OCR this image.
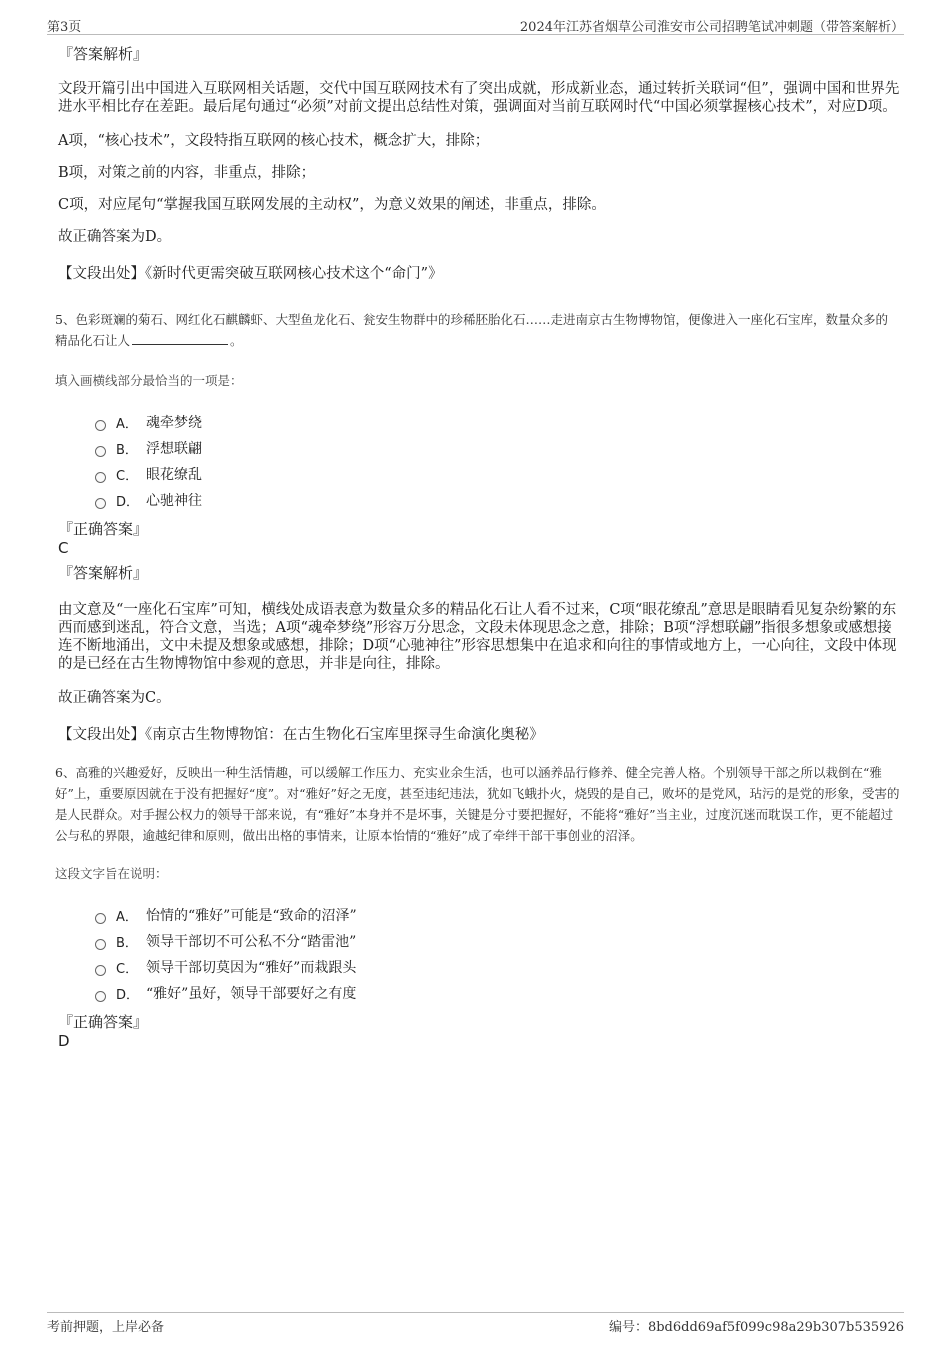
第3页	2024年江苏省烟草公司淮安市公司招聘笔试冲刺题（带答案解析）
『答案解析』

文段开篇引出中国进入互联网相关话题，交代中国互联网技术有了突出成就，形成新业态，通过转折关联词“但”，强调中国和世界先进水平相比存在差距。最后尾句通过“必须”对前文提出总结性对策，强调面对当前互联网时代“中国必须掌握核心技术”，对应D项。

A项，“核心技术”，文段特指互联网的核心技术，概念扩大，排除；

B项，对策之前的内容，非重点，排除；

C项，对应尾句“掌握我国互联网发展的主动权”，为意义效果的阐述，非重点，排除。

故正确答案为D。

【文段出处】《新时代更需突破互联网核心技术这个“命门”》
5、色彩斑斓的菊石、网红化石麒麟虾、大型鱼龙化石、瓮安生物群中的珍稀胚胎化石……走进南京古生物博物馆，便像进入一座化石宝库，数量众多的精品化石让人	。
填入画横线部分最恰当的一项是：
A． 魂牵梦绕
B． 浮想联翩
C． 眼花缭乱
D． 心驰神往
『正确答案』
C
『答案解析』

由文意及“一座化石宝库”可知，横线处成语表意为数量众多的精品化石让人看不过来，C项“眼花缭乱”意思是眼睛看见复杂纷繁的东西而感到迷乱，符合文意，当选；A项“魂牵梦绕”形容万分思念，文段未体现思念之意，排除；B项“浮想联翩”指很多想象或感想接连不断地涌出，文中未提及想象或感想，排除；D项“心驰神往”形容思想集中在追求和向往的事情或地方上，一心向往，文段中体现的是已经在古生物博物馆中参观的意思，并非是向往，排除。

故正确答案为C。

【文段出处】《南京古生物博物馆：在古生物化石宝库里探寻生命演化奥秘》
6、高雅的兴趣爱好，反映出一种生活情趣，可以缓解工作压力、充实业余生活，也可以涵养品行修养、健全完善人格。个别领导干部之所以栽倒在“雅好”上，重要原因就在于没有把握好“度”。对“雅好”好之无度，甚至违纪违法，犹如飞蛾扑火，烧毁的是自己，败坏的是党风，玷污的是党的形象，受害的是人民群众。对手握公权力的领导干部来说，有“雅好”本身并不是坏事，关键是分寸要把握好，不能将“雅好”当主业，过度沉迷而耽误工作，更不能超过公与私的界限，逾越纪律和原则，做出出格的事情来，让原本怡情的“雅好”成了牵绊干部干事创业的沼泽。
这段文字旨在说明：
A． 怡情的“雅好”可能是“致命的沼泽”
B． 领导干部切不可公私不分“踏雷池”
C． 领导干部切莫因为“雅好”而栽跟头
D． “雅好”虽好，领导干部要好之有度
『正确答案』
D
考前押题，上岸必备	编号：8bd6dd69af5f099c98a29b307b535926
